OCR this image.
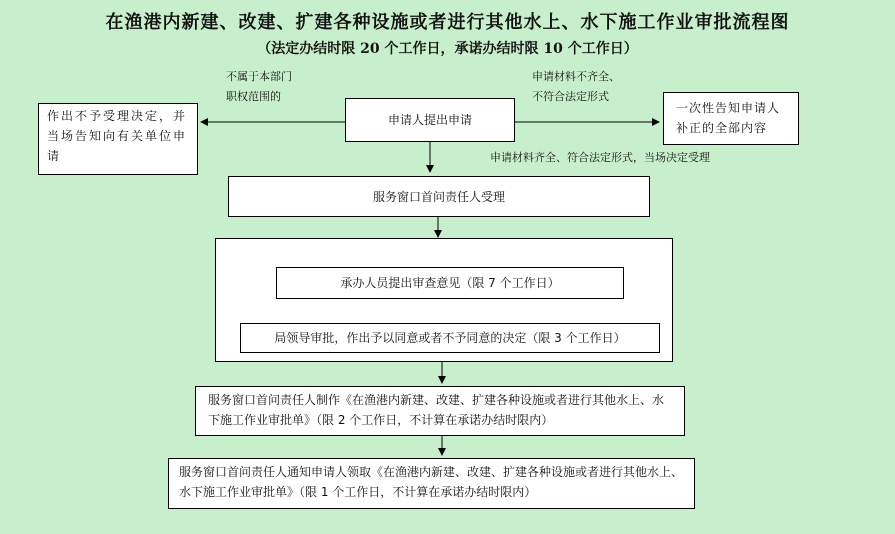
在渔港内新建、改建、扩建各种设施或者进行其他水上、水下施工作业审批流程图
（法定办结时限 20 个工作日，承诺办结时限 10 个工作日）
不属于本部门
职权范围的
申请材料不齐全、
不符合法定形式
申请材料齐全、符合法定形式，当场决定受理
作出不予受理决定，并当场告知向有关单位申请
申请人提出申请
一次性告知申请人补正的全部内容
服务窗口首问责任人受理
承办人员提出审查意见（限 7 个工作日）
局领导审批，作出予以同意或者不予同意的决定（限 3 个工作日）
服务窗口首问责任人制作《在渔港内新建、改建、扩建各种设施或者进行其他水上、水下施工作业审批单》（限 2 个工作日，不计算在承诺办结时限内）
服务窗口首问责任人通知申请人领取《在渔港内新建、改建、扩建各种设施或者进行其他水上、水下施工作业审批单》（限 1 个工作日，不计算在承诺办结时限内）
